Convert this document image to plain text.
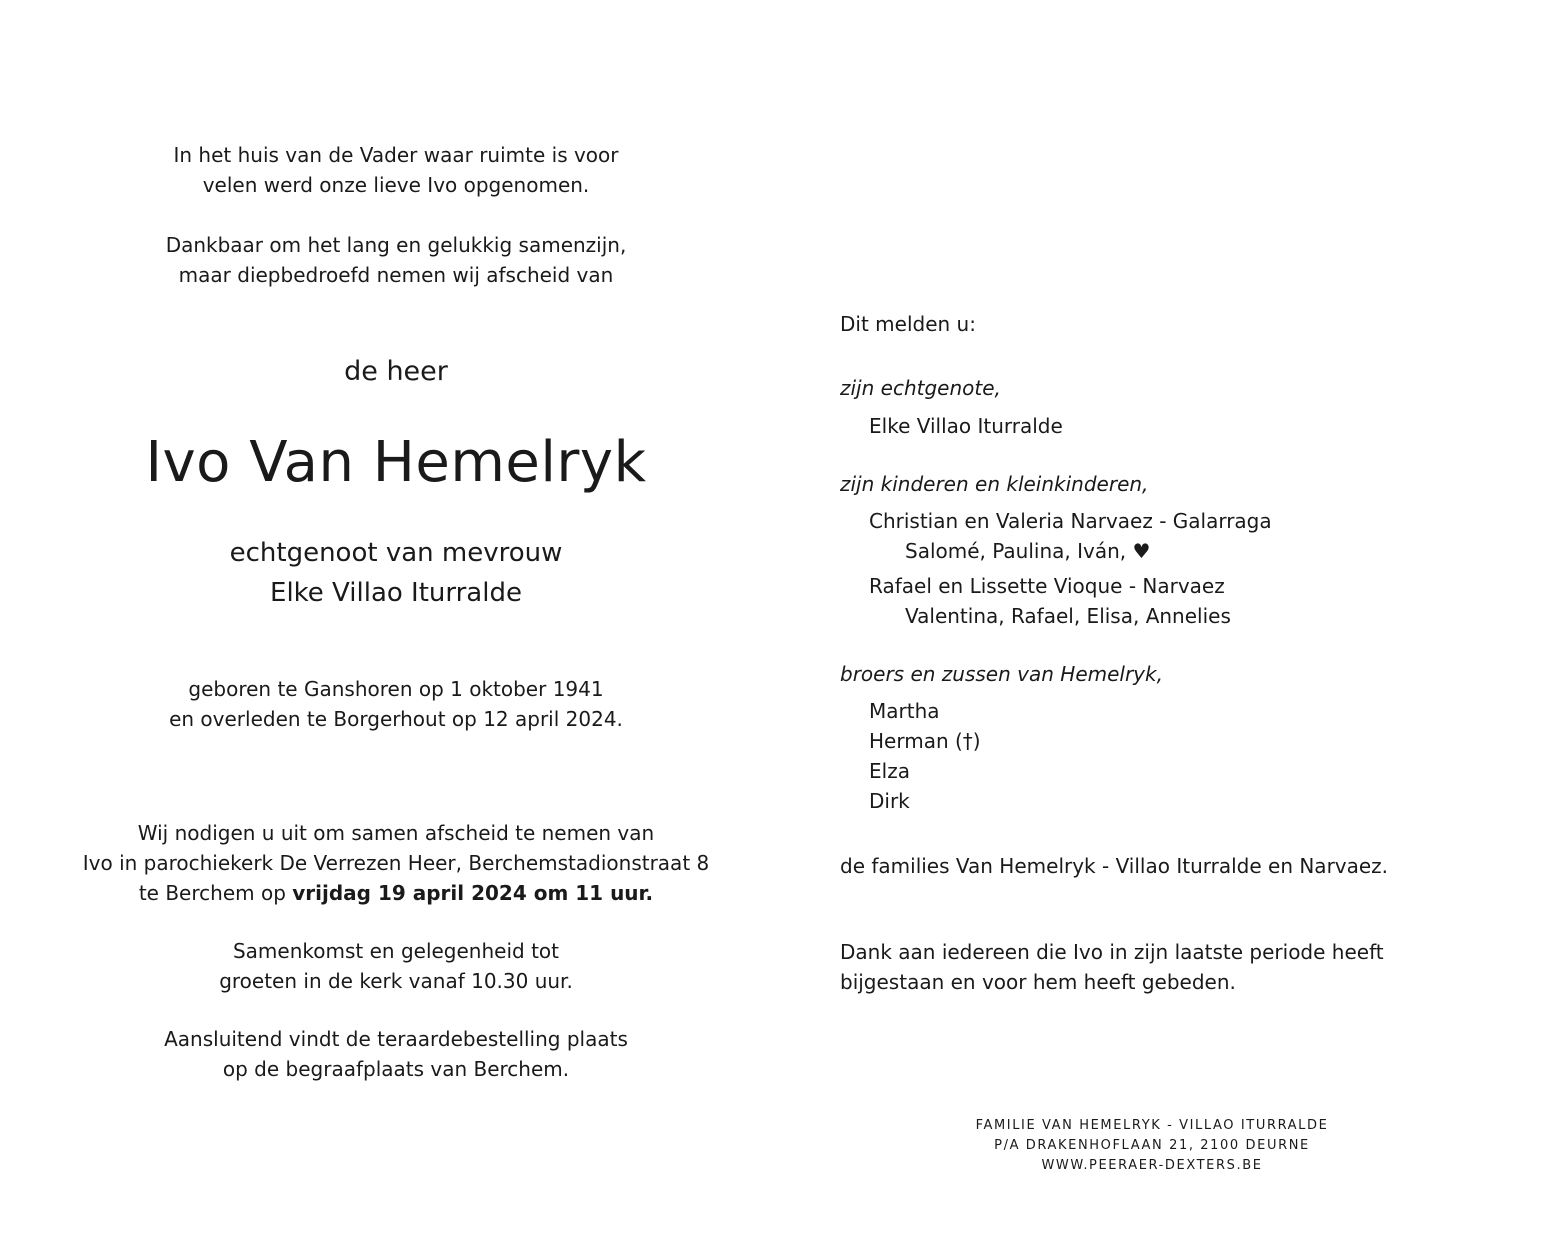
In het huis van de Vader waar ruimte is voor

velen werd onze lieve Ivo opgenomen.

Dankbaar om het lang en gelukkig samenzijn,

maar diepbedroefd nemen wij afscheid van

de heer
Ivo Van Hemelryk

echtgenoot van mevrouw

Elke Villao Iturralde

geboren te Ganshoren op 1 oktober 1941

en overleden te Borgerhout op 12 april 2024.

Wij nodigen u uit om samen afscheid te nemen van

Ivo in parochiekerk De Verrezen Heer, Berchemstadionstraat 8

te Berchem op vrijdag 19 april 2024 om 11 uur.

Samenkomst en gelegenheid tot

groeten in de kerk vanaf 10.30 uur.

Aansluitend vindt de teraardebestelling plaats

op de begraafplaats van Berchem.

Dit melden u:
zijn echtgenote,
Elke Villao Iturralde
zijn kinderen en kleinkinderen,
Christian en Valeria Narvaez - Galarraga
Salomé, Paulina, Iván, ♥
Rafael en Lissette Vioque - Narvaez
Valentina, Rafael, Elisa, Annelies
broers en zussen van Hemelryk,

Martha

Herman (†)

Elza

Dirk

de families Van Hemelryk - Villao Iturralde en Narvaez.

Dank aan iedereen die Ivo in zijn laatste periode heeft

bijgestaan en voor hem heeft gebeden.

FAMILIE VAN HEMELRYK - VILLAO ITURRALDE

P/A DRAKENHOFLAAN 21, 2100 DEURNE

WWW.PEERAER-DEXTERS.BE
